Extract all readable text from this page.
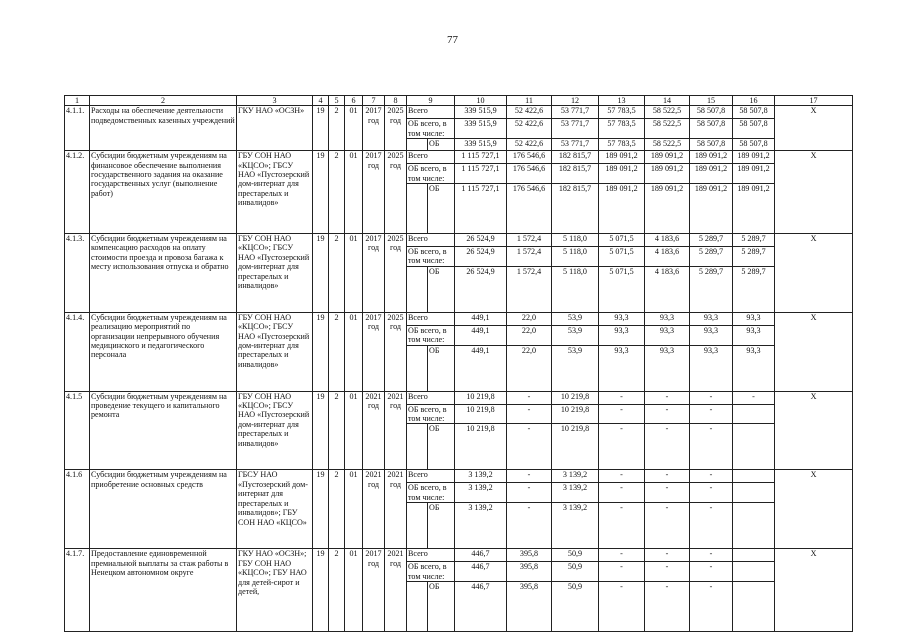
77
1	2	3	4	5	6	7	8	9		10	11	12	13	14	15	16	17
4.1.1.	Расходы на обеспечение деятельности подведомственных казенных учреждений	ГКУ НАО «ОСЗН»	19	2	01	2017 год	2025 год	Всего		339 515,9	52 422,6	53 771,7	57 783,5	58 522,5	58 507,8	58 507,8	X
								ОБ всего, в том числе:		339 515,9	52 422,6	53 771,7	57 783,5	58 522,5	58 507,8	58 507,8	
									ОБ	339 515,9	52 422,6	53 771,7	57 783,5	58 522,5	58 507,8	58 507,8	
4.1.2.	Субсидии бюджетным учреждениям на финансовое обеспечение выполнения государственного задания на оказание государственных услуг (выполнение работ)	ГБУ СОН НАО «КЦСО»; ГБСУ НАО «Пустозерский дом-интернат для престарелых и инвалидов»	19	2	01	2017 год	2025 год	Всего		1 115 727,1	176 546,6	182 815,7	189 091,2	189 091,2	189 091,2	189 091,2	X
								ОБ всего, в том числе:		1 115 727,1	176 546,6	182 815,7	189 091,2	189 091,2	189 091,2	189 091,2	
									ОБ	1 115 727,1	176 546,6	182 815,7	189 091,2	189 091,2	189 091,2	189 091,2	
4.1.3.	Субсидии бюджетным учреждениям на компенсацию расходов на оплату стоимости проезда и провоза багажа к месту использования отпуска и обратно	ГБУ СОН НАО «КЦСО»; ГБСУ НАО «Пустозерский дом-интернат для престарелых и инвалидов»	19	2	01	2017 год	2025 год	Всего		26 524,9	1 572,4	5 118,0	5 071,5	4 183,6	5 289,7	5 289,7	X
								ОБ всего, в том числе:		26 524,9	1 572,4	5 118,0	5 071,5	4 183,6	5 289,7	5 289,7	
									ОБ	26 524,9	1 572,4	5 118,0	5 071,5	4 183,6	5 289,7	5 289,7	
4.1.4.	Субсидии бюджетным учреждениям на реализацию мероприятий по организации непрерывного обучения медицинского и педагогического персонала	ГБУ СОН НАО «КЦСО»; ГБСУ НАО «Пустозерский дом-интернат для престарелых и инвалидов»	19	2	01	2017 год	2025 год	Всего		449,1	22,0	53,9	93,3	93,3	93,3	93,3	X
								ОБ всего, в том числе:		449,1	22,0	53,9	93,3	93,3	93,3	93,3	
									ОБ	449,1	22,0	53,9	93,3	93,3	93,3	93,3	
4.1.5	Субсидии бюджетным учреждениям на проведение текущего и капитального ремонта	ГБУ СОН НАО «КЦСО»; ГБСУ НАО «Пустозерский дом-интернат для престарелых и инвалидов»	19	2	01	2021 год	2021 год	Всего		10 219,8	-	10 219,8	-	-	-	-	X
								ОБ всего, в том числе:		10 219,8	-	10 219,8	-	-	-		
									ОБ	10 219,8	-	10 219,8	-	-	-		
4.1.6	Субсидии бюджетным учреждениям на приобретение основных средств	ГБСУ НАО «Пустозерский дом-интернат для престарелых и инвалидов»; ГБУ СОН НАО «КЦСО»	19	2	01	2021 год	2021 год	Всего		3 139,2	-	3 139,2	-	-	-		X
								ОБ всего, в том числе:		3 139,2	-	3 139,2	-	-	-		
									ОБ	3 139,2	-	3 139,2	-	-	-		
4.1.7.	Предоставление единовременной премиальной выплаты за стаж работы в Ненецком автономном округе	ГКУ НАО «ОСЗН»; ГБУ СОН НАО «КЦСО»; ГБУ НАО для детей-сирот и детей,	19	2	01	2017 год	2021 год	Всего		446,7	395,8	50,9	-	-	-		X
								ОБ всего, в том числе:		446,7	395,8	50,9	-	-	-		
									ОБ	446,7	395,8	50,9	-	-	-		
